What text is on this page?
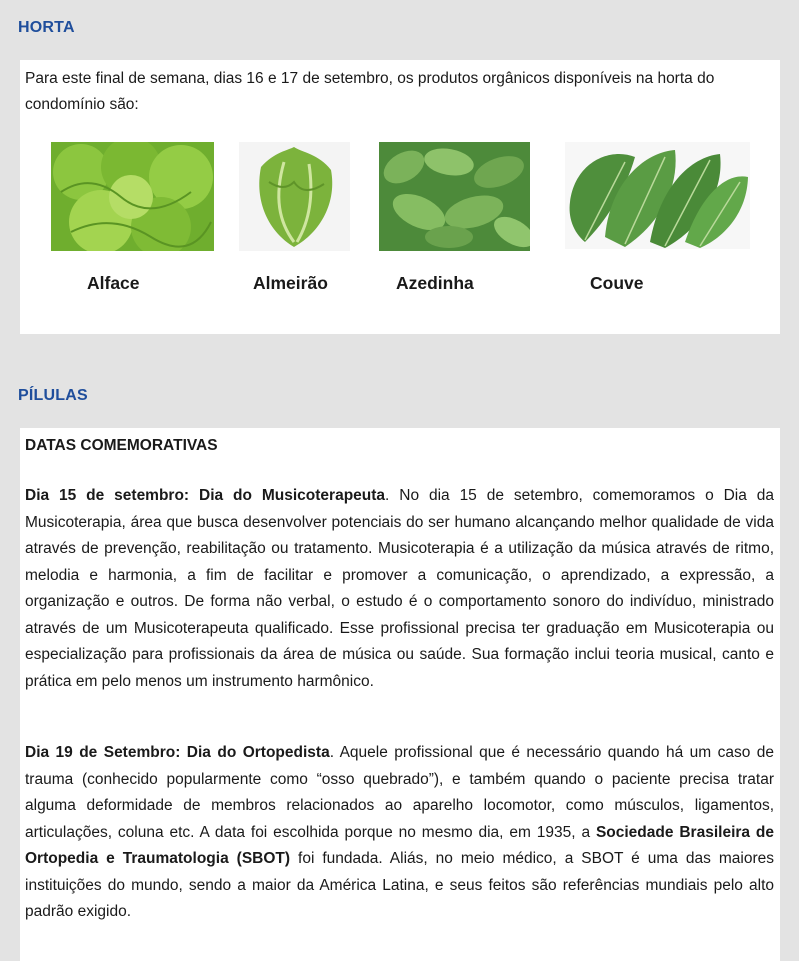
HORTA

Para este final de semana, dias 16 e 17 de setembro, os produtos orgânicos disponíveis na horta do condomínio são:

Alface	Almeirão	Azedinha	Couve
PÍLULAS
DATAS COMEMORATIVAS

Dia 15 de setembro: Dia do Musicoterapeuta. No dia 15 de setembro, comemoramos o Dia da Musicoterapia, área que busca desenvolver potenciais do ser humano alcançando melhor qualidade de vida através de prevenção, reabilitação ou tratamento. Musicoterapia é a utilização da música através de ritmo, melodia e harmonia, a fim de facilitar e promover a comunicação, o aprendizado, a expressão, a organização e outros. De forma não verbal, o estudo é o comportamento sonoro do indivíduo, ministrado através de um Musicoterapeuta qualificado. Esse profissional precisa ter graduação em Musicoterapia ou especialização para profissionais da área de música ou saúde. Sua formação inclui teoria musical, canto e prática em pelo menos um instrumento harmônico.

Dia 19 de Setembro: Dia do Ortopedista. Aquele profissional que é necessário quando há um caso de trauma (conhecido popularmente como “osso quebrado”), e também quando o paciente precisa tratar alguma deformidade de membros relacionados ao aparelho locomotor, como músculos, ligamentos, articulações, coluna etc. A data foi escolhida porque no mesmo dia, em 1935, a Sociedade Brasileira de Ortopedia e Traumatologia (SBOT) foi fundada. Aliás, no meio médico, a SBOT é uma das maiores instituições do mundo, sendo a maior da América Latina, e seus feitos são referências mundiais pelo alto padrão exigido.
